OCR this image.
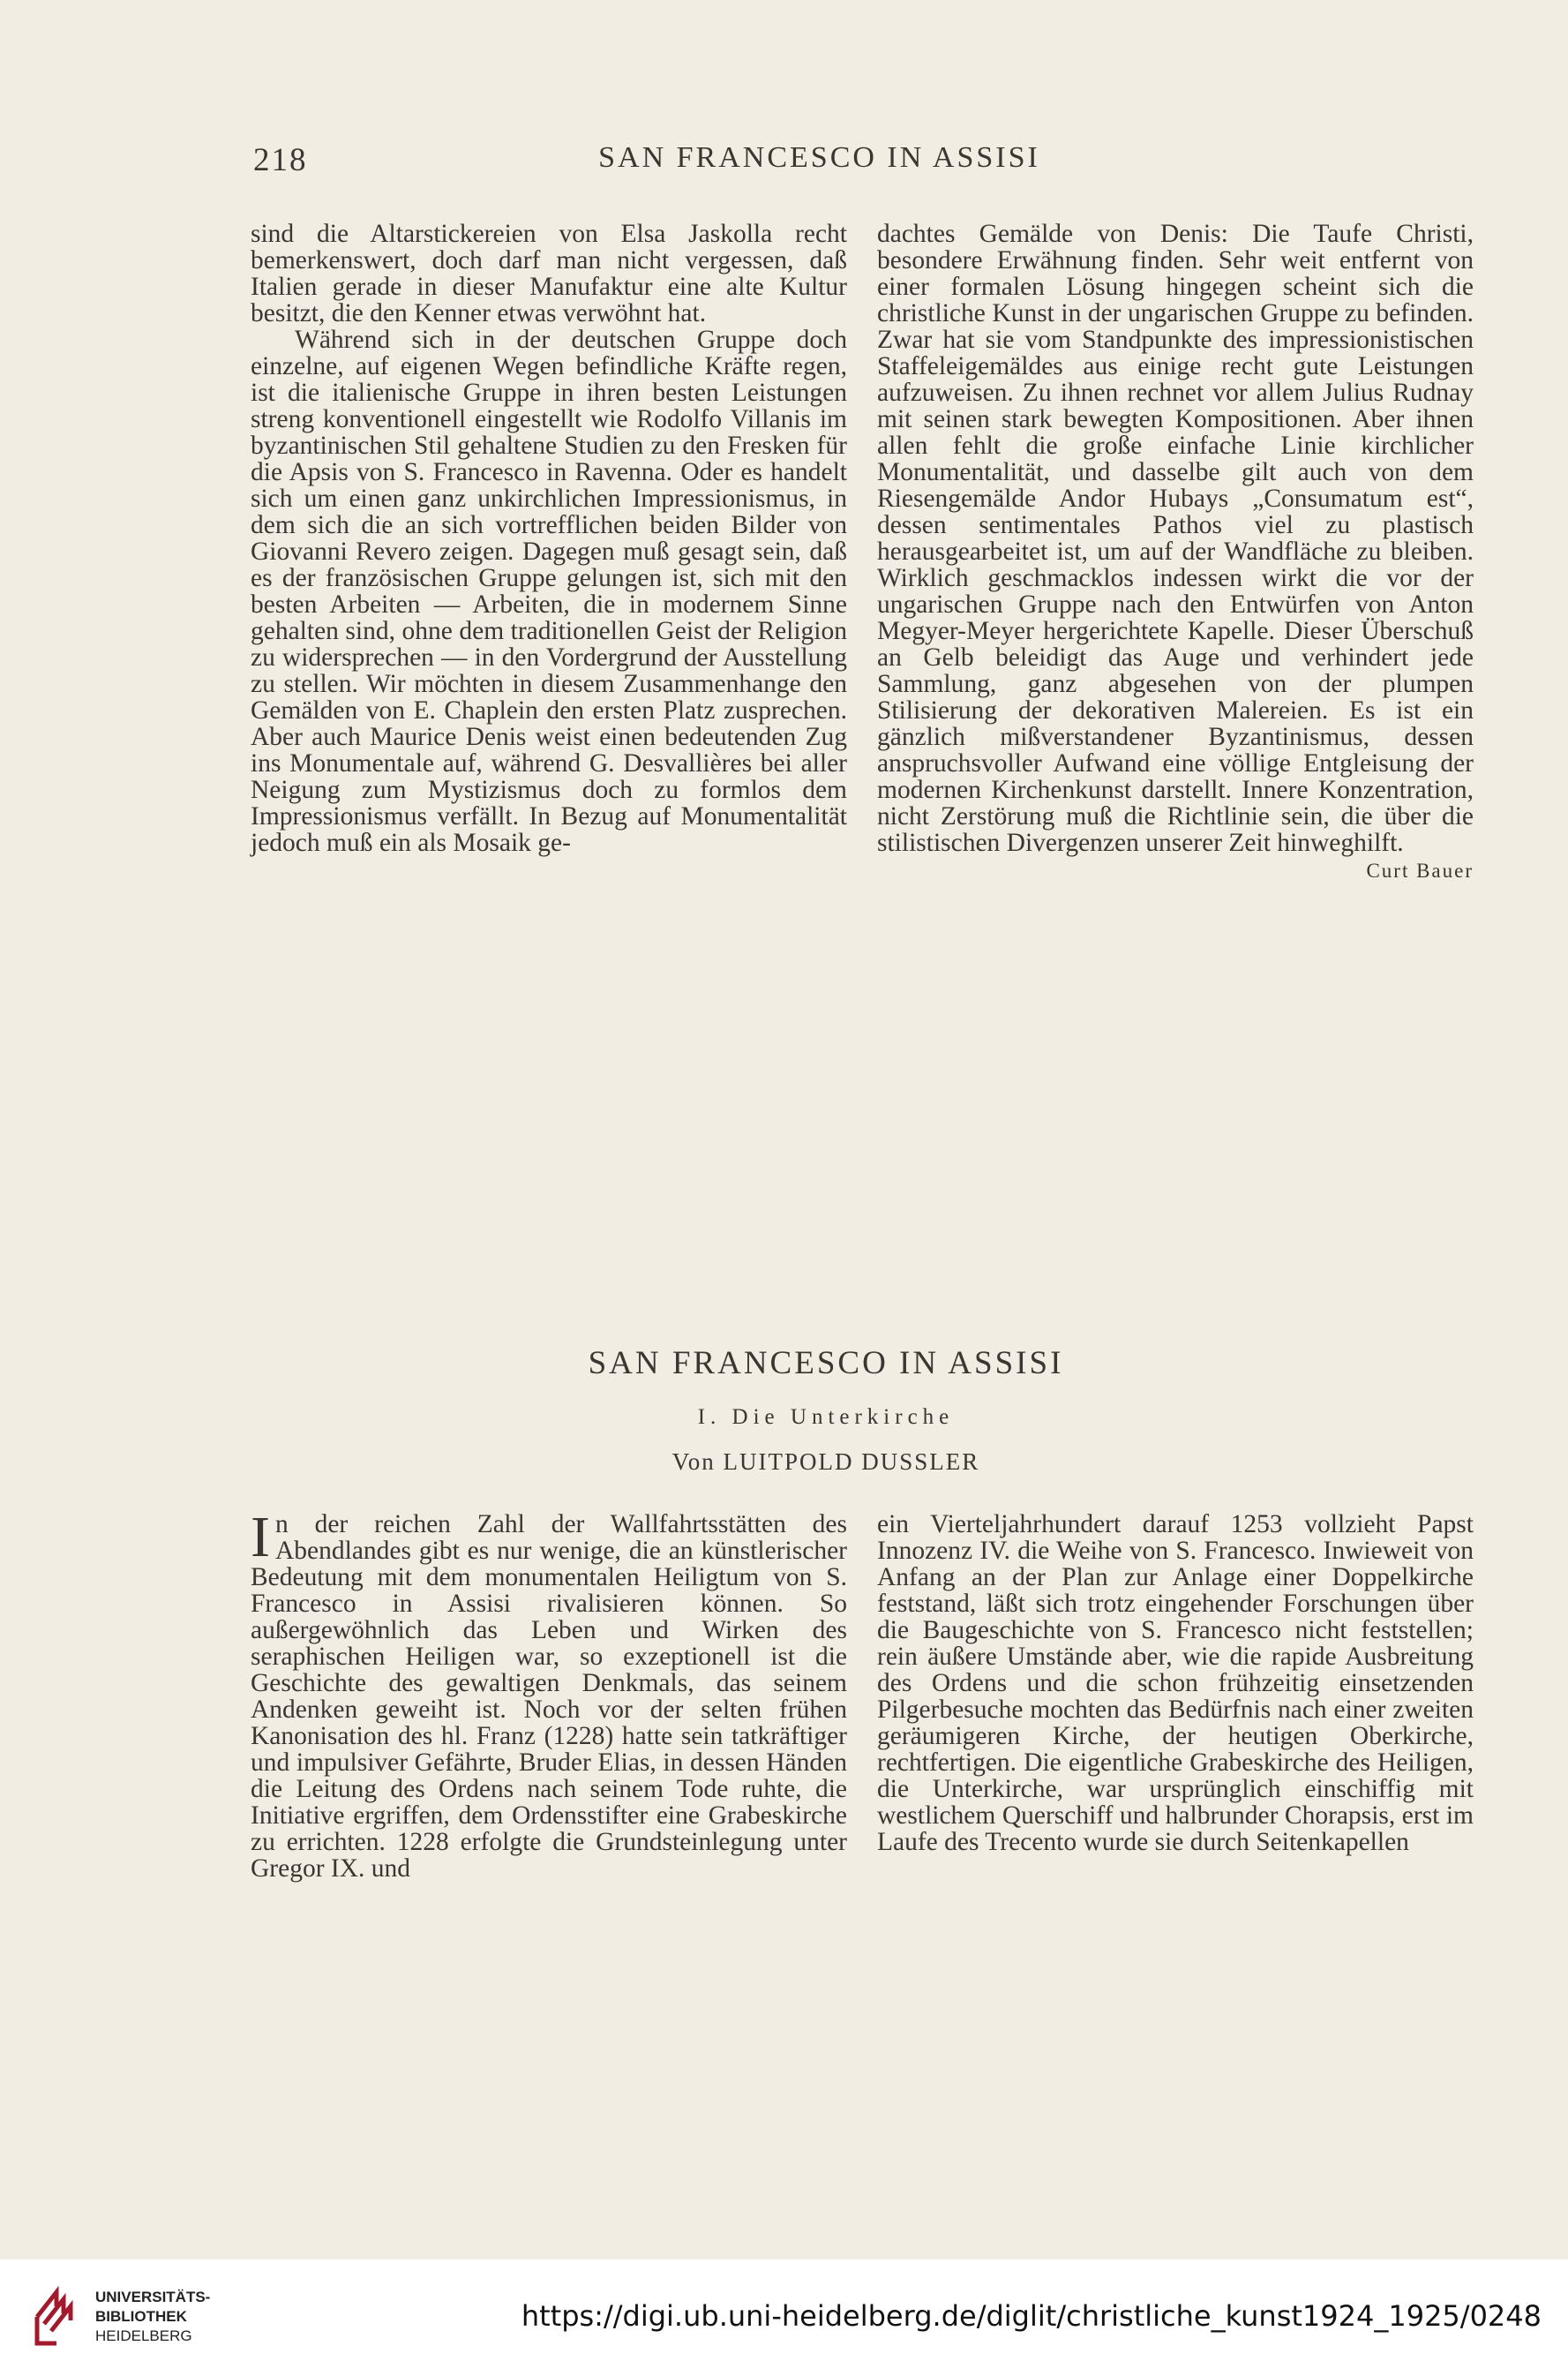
218	SAN FRANCESCO IN ASSISI

sind die Altarstickereien von Elsa Jaskolla recht bemerkenswert, doch darf man nicht vergessen, daß Italien gerade in dieser Manufaktur eine alte Kultur besitzt, die den Kenner etwas verwöhnt hat.

Während sich in der deutschen Gruppe doch einzelne, auf eigenen Wegen befindliche Kräfte regen, ist die italienische Gruppe in ihren besten Leistungen streng konventionell eingestellt wie Rodolfo Villanis im byzantinischen Stil gehaltene Studien zu den Fresken für die Apsis von S. Francesco in Ravenna. Oder es handelt sich um einen ganz unkirchlichen Impressionismus, in dem sich die an sich vortrefflichen beiden Bilder von Giovanni Revero zeigen. Dagegen muß gesagt sein, daß es der französischen Gruppe gelungen ist, sich mit den besten Arbeiten — Arbeiten, die in modernem Sinne gehalten sind, ohne dem traditionellen Geist der Religion zu widersprechen — in den Vordergrund der Ausstellung zu stellen. Wir möchten in diesem Zusammenhange den Gemälden von E. Chaplein den ersten Platz zusprechen. Aber auch Maurice Denis weist einen bedeutenden Zug ins Monumentale auf, während G. Desvallières bei aller Neigung zum Mystizismus doch zu formlos dem Impressionismus verfällt. In Bezug auf Monumentalität jedoch muß ein als Mosaik ge-

dachtes Gemälde von Denis: Die Taufe Christi, besondere Erwähnung finden. Sehr weit entfernt von einer formalen Lösung hingegen scheint sich die christliche Kunst in der ungarischen Gruppe zu befinden. Zwar hat sie vom Standpunkte des impressionistischen Staffeleigemäldes aus einige recht gute Leistungen aufzuweisen. Zu ihnen rechnet vor allem Julius Rudnay mit seinen stark bewegten Kompositionen. Aber ihnen allen fehlt die große einfache Linie kirchlicher Monumentalität, und dasselbe gilt auch von dem Riesengemälde Andor Hubays „Consumatum est“, dessen sentimentales Pathos viel zu plastisch herausgearbeitet ist, um auf der Wandfläche zu bleiben. Wirklich geschmacklos indessen wirkt die vor der ungarischen Gruppe nach den Entwürfen von Anton Megyer-Meyer hergerichtete Kapelle. Dieser Überschuß an Gelb beleidigt das Auge und verhindert jede Sammlung, ganz abgesehen von der plumpen Stilisierung der dekorativen Malereien. Es ist ein gänzlich mißverstandener Byzantinismus, dessen anspruchsvoller Aufwand eine völlige Entgleisung der modernen Kirchenkunst darstellt. Innere Konzentration, nicht Zerstörung muß die Richtlinie sein, die über die stilistischen Divergenzen unserer Zeit hinweghilft.

Curt Bauer
SAN FRANCESCO IN ASSISI
I. Die Unterkirche
Von LUITPOLD DUSSLER

In der reichen Zahl der Wallfahrtsstätten des Abendlandes gibt es nur wenige, die an künstlerischer Bedeutung mit dem monumentalen Heiligtum von S. Francesco in Assisi rivalisieren können. So außergewöhnlich das Leben und Wirken des seraphischen Heiligen war, so exzeptionell ist die Geschichte des gewaltigen Denkmals, das seinem Andenken geweiht ist. Noch vor der selten frühen Kanonisation des hl. Franz (1228) hatte sein tatkräftiger und impulsiver Gefährte, Bruder Elias, in dessen Händen die Leitung des Ordens nach seinem Tode ruhte, die Initiative ergriffen, dem Ordensstifter eine Grabeskirche zu errichten. 1228 erfolgte die Grundsteinlegung unter Gregor IX. und

ein Vierteljahrhundert darauf 1253 vollzieht Papst Innozenz IV. die Weihe von S. Francesco. Inwieweit von Anfang an der Plan zur Anlage einer Doppelkirche feststand, läßt sich trotz eingehender Forschungen über die Baugeschichte von S. Francesco nicht feststellen; rein äußere Umstände aber, wie die rapide Ausbreitung des Ordens und die schon frühzeitig einsetzenden Pilgerbesuche mochten das Bedürfnis nach einer zweiten geräumigeren Kirche, der heutigen Oberkirche, rechtfertigen. Die eigentliche Grabeskirche des Heiligen, die Unterkirche, war ursprünglich einschiffig mit westlichem Querschiff und halbrunder Chorapsis, erst im Laufe des Trecento wurde sie durch Seitenkapellen

UNIVERSITÄTS-
BIBLIOTHEK
HEIDELBERG
https://digi.ub.uni-heidelberg.de/diglit/christliche_kunst1924_1925/0248
